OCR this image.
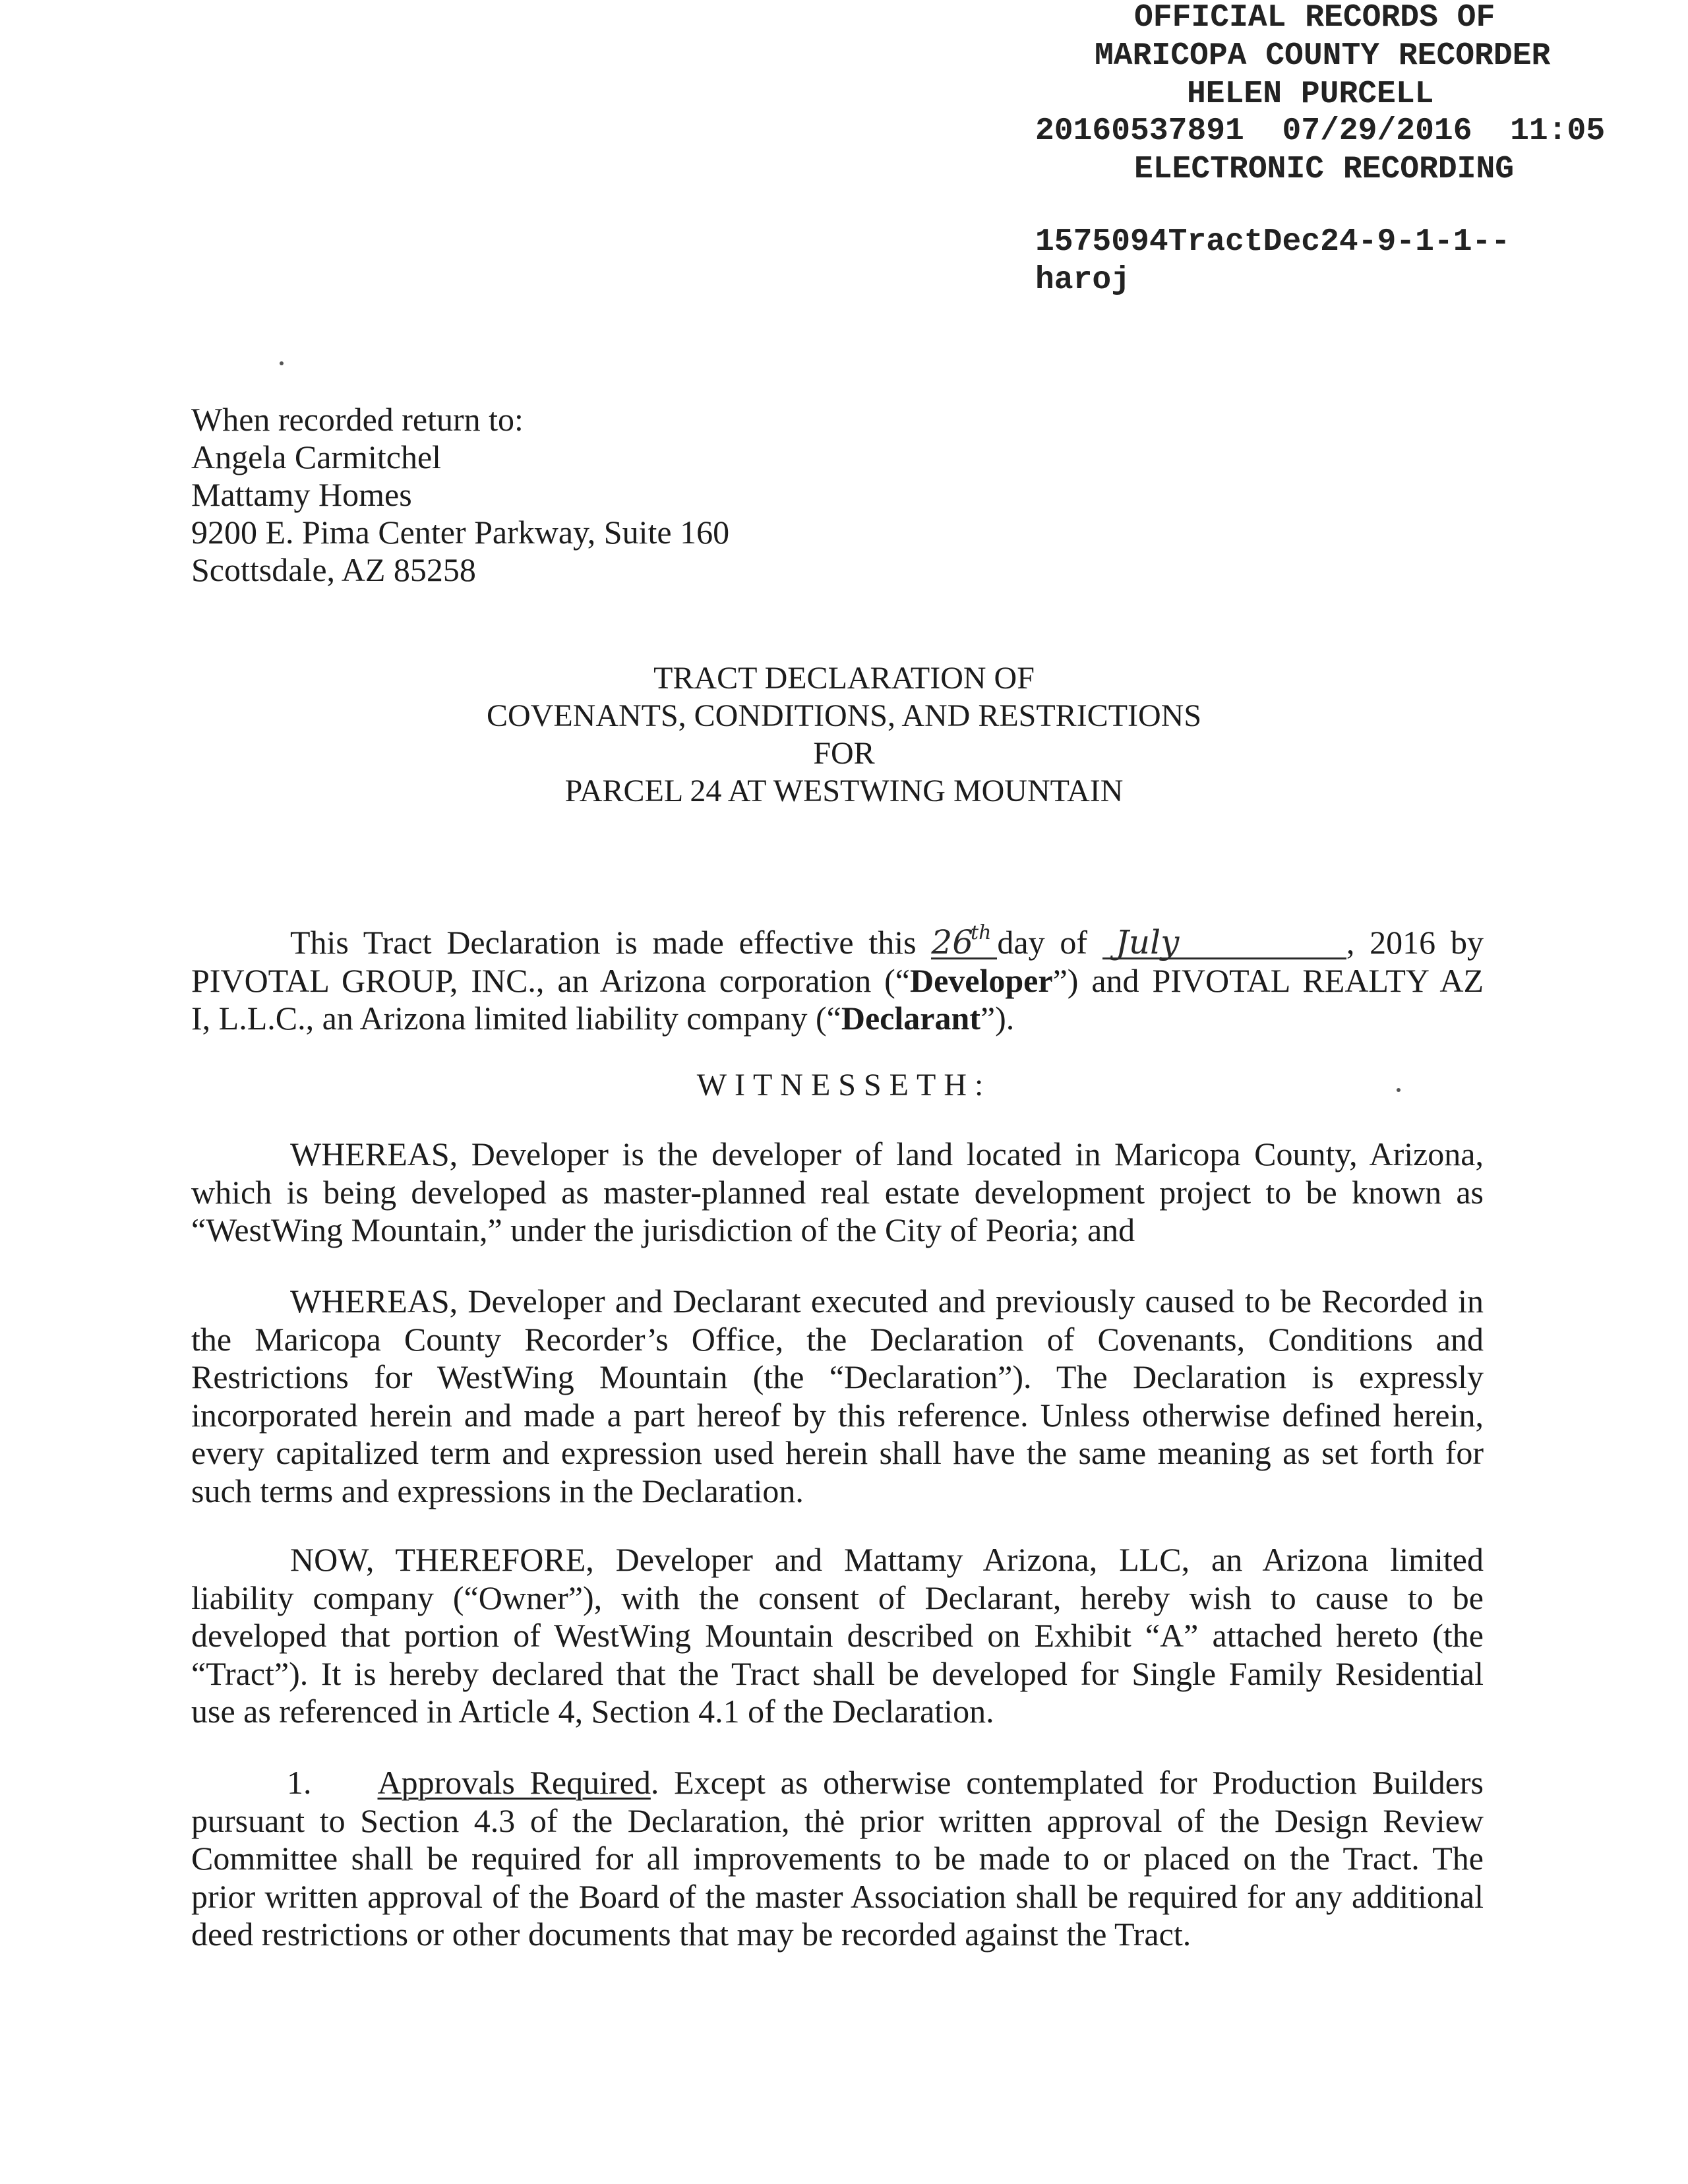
OFFICIAL RECORDS OF
MARICOPA COUNTY RECORDER
HELEN PURCELL
20160537891  07/29/2016  11:05
ELECTRONIC RECORDING
1575094TractDec24-9-1-1--
haroj
When recorded return to:
Angela Carmitchel
Mattamy Homes
9200 E. Pima Center Parkway, Suite 160
Scottsdale, AZ 85258
TRACT DECLARATION OF
COVENANTS, CONDITIONS, AND RESTRICTIONS
FOR
PARCEL 24 AT WESTWING MOUNTAIN
This Tract Declaration is made effective this 26th day of July	, 2016 by
PIVOTAL GROUP, INC., an Arizona corporation (“Developer”) and PIVOTAL REALTY AZ
I, L.L.C., an Arizona limited liability company (“Declarant”).
WITNESSETH:
WHEREAS, Developer is the developer of land located in Maricopa County, Arizona,
which is being developed as master-planned real estate development project to be known as
“WestWing Mountain,” under the jurisdiction of the City of Peoria; and
WHEREAS, Developer and Declarant executed and previously caused to be Recorded in
the Maricopa County Recorder’s Office, the Declaration of Covenants, Conditions and
Restrictions for WestWing Mountain (the “Declaration”). The Declaration is expressly
incorporated herein and made a part hereof by this reference. Unless otherwise defined herein,
every capitalized term and expression used herein shall have the same meaning as set forth for
such terms and expressions in the Declaration.
NOW, THEREFORE, Developer and Mattamy Arizona, LLC, an Arizona limited
liability company (“Owner”), with the consent of Declarant, hereby wish to cause to be
developed that portion of WestWing Mountain described on Exhibit “A” attached hereto (the
“Tract”). It is hereby declared that the Tract shall be developed for Single Family Residential
use as referenced in Article 4, Section 4.1 of the Declaration.
1. Approvals Required. Except as otherwise contemplated for Production Builders
pursuant to Section 4.3 of the Declaration, thė prior written approval of the Design Review
Committee shall be required for all improvements to be made to or placed on the Tract. The
prior written approval of the Board of the master Association shall be required for any additional
deed restrictions or other documents that may be recorded against the Tract.
